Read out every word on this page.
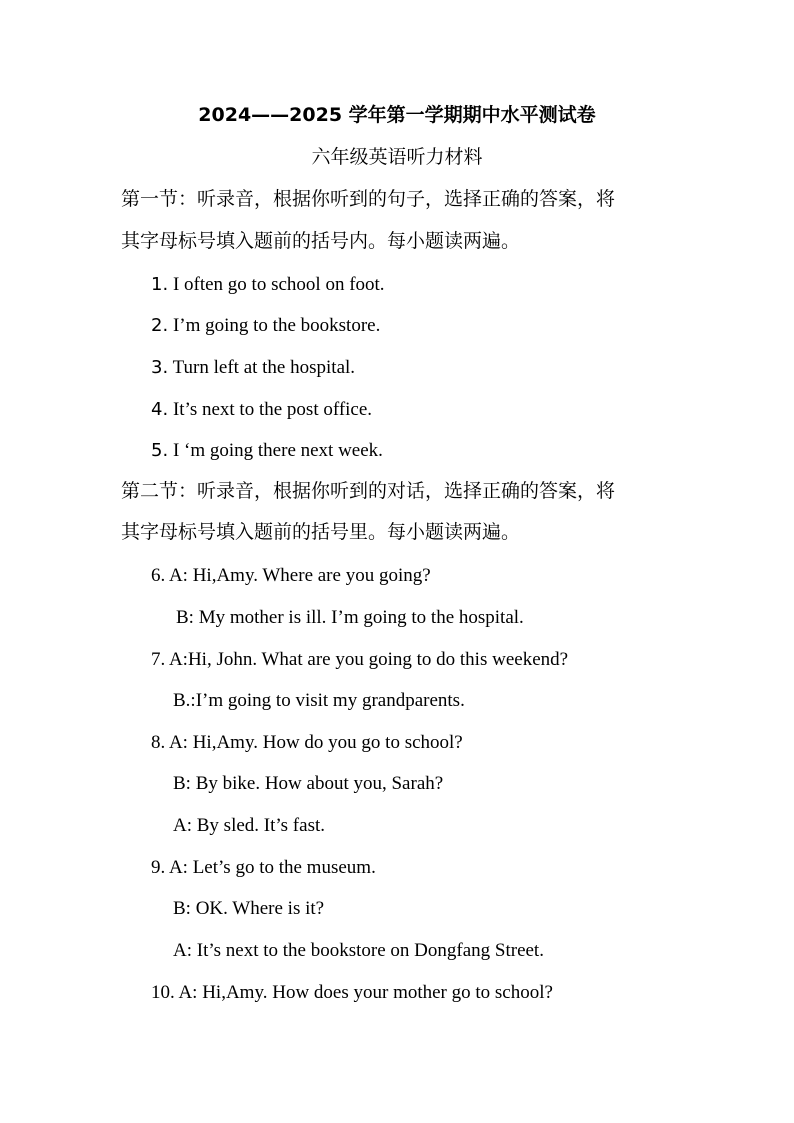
2024——2025 学年第一学期期中水平测试卷
六年级英语听力材料
第一节：听录音，根据你听到的句子，选择正确的答案，将
其字母标号填入题前的括号内。每小题读两遍。
1. I often go to school on foot.
2. I’m going to the bookstore.
3. Turn left at the hospital.
4. It’s next to the post office.
5. I ‘m going there next week.
第二节：听录音，根据你听到的对话，选择正确的答案，将
其字母标号填入题前的括号里。每小题读两遍。
6. A: Hi,Amy. Where are you going?
B: My mother is ill. I’m going to the hospital.
7. A:Hi, John. What are you going to do this weekend?
B.:I’m going to visit my grandparents.
8. A: Hi,Amy. How do you go to school?
B: By bike. How about you, Sarah?
A: By sled. It’s fast.
9. A: Let’s go to the museum.
B: OK. Where is it?
A: It’s next to the bookstore on Dongfang Street.
10. A: Hi,Amy. How does your mother go to school?
